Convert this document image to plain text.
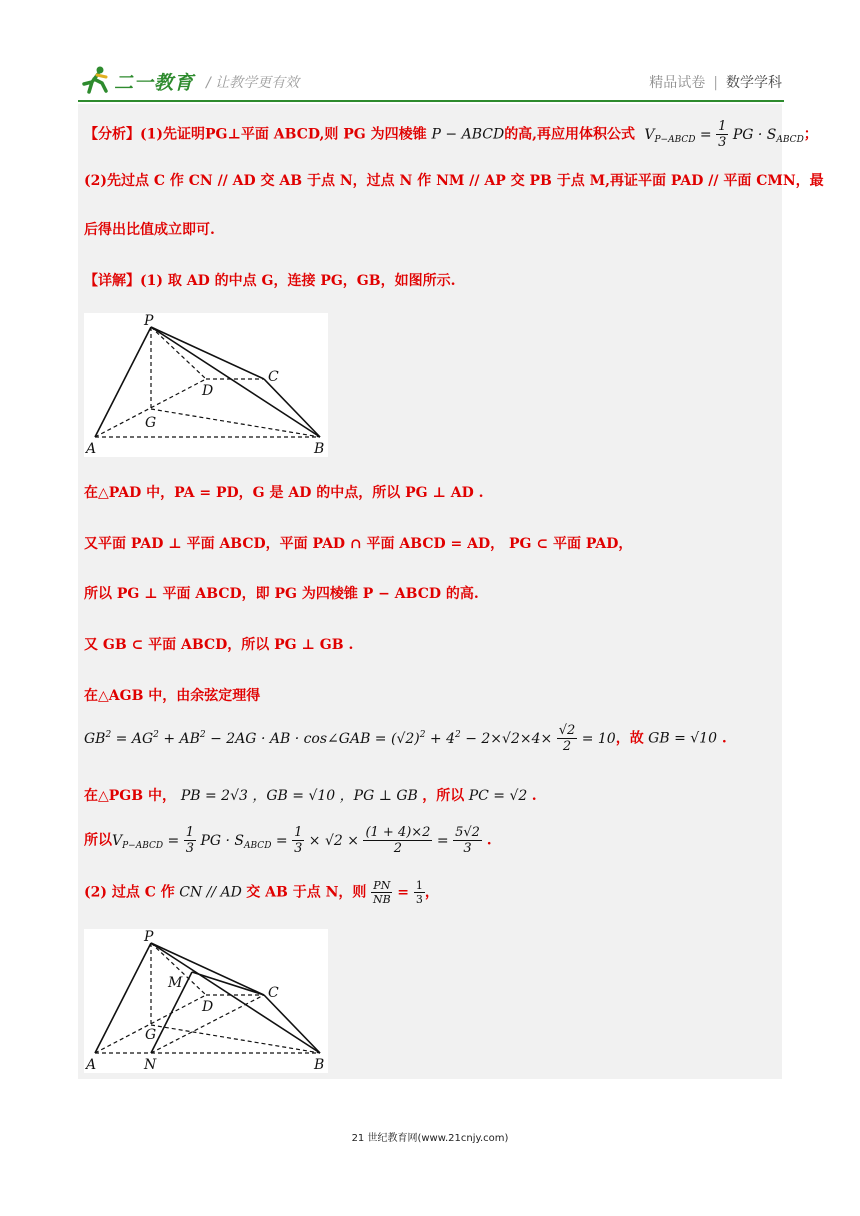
二一教育 / 让教学更有效	精品试卷 | 数学学科
【分析】(1)先证明PG⊥平面 ABCD,则 PG 为四棱锥 P − ABCD的高,再应用体积公式  $V_{P-ABCD} = \frac{1}{3}$ PG · $S_{ABCD}$；
(2)先过点 C 作 CN // AD 交 AB 于点 N，过点 N 作 NM // AP 交 PB 于点 M,再证平面 PAD // 平面 CMN，最
后得出比值成立即可.
【详解】(1) 取 AD 的中点 G，连接 PG，GB，如图所示.
P
C
D
G
A	B
在△PAD 中，PA = PD，G 是 AD 的中点，所以 PG ⊥ AD .
又平面 PAD ⊥ 平面 ABCD，平面 PAD ∩ 平面 ABCD = AD， PG ⊂ 平面 PAD，
所以 PG ⊥ 平面 ABCD，即 PG 为四棱锥 P − ABCD 的高.
又 GB ⊂ 平面 ABCD，所以 PG ⊥ GB .
在△AGB 中，由余弦定理得
$GB^2 = AG^2 + AB^2 - 2AG$ · AB · cos∠GAB = $(√2)^2 + 4^2 - 2\times√2\times 4\times \frac{√2}{2} = 10$，故 GB = √10 .
在△PGB 中， PB = 2√3 ，GB = √10 ，PG ⊥ GB ，所以 PC = √2 .
所以$V_{P-ABCD} = \frac{1}{3}$ PG · $S_{ABCD} = \frac{1}{3} \times √2 \times \frac{(1 + 4)\times 2}{2} = \frac{5√2}{3}$ .
(2) 过点 C 作 CN // AD 交 AB 于点 N，则 $\frac{PN}{NB} = \frac{1}{3}$ ，
P
M
C
D
G
A	N	B
21 世纪教育网(www.21cnjy.com)
